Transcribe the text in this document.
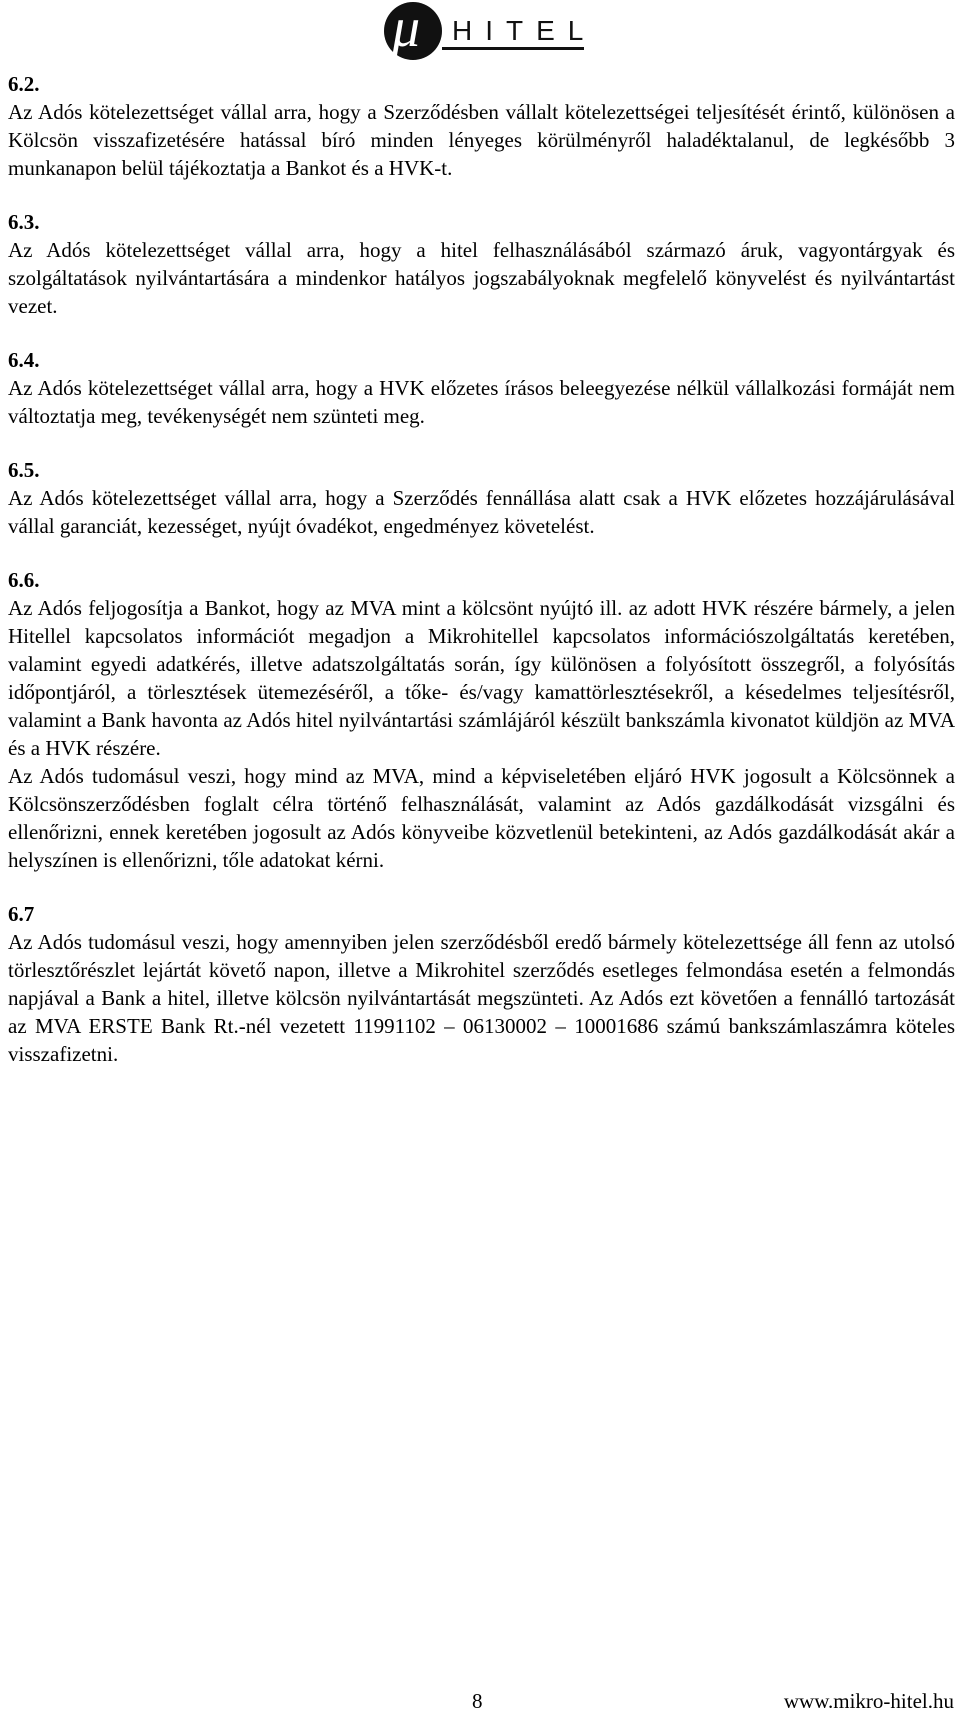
μ HITEL

6.2.

Az Adós kötelezettséget vállal arra, hogy a Szerződésben vállalt kötelezettségei teljesítését érintő, különösen a Kölcsön visszafizetésére hatással bíró minden lényeges körülményről haladéktalanul, de legkésőbb 3 munkanapon belül tájékoztatja a Bankot és a HVK-t.

6.3.

Az Adós kötelezettséget vállal arra, hogy a hitel felhasználásából származó áruk, vagyontárgyak és szolgáltatások nyilvántartására a mindenkor hatályos jogszabályoknak megfelelő könyvelést és nyilvántartást vezet.

6.4.

Az Adós kötelezettséget vállal arra, hogy a HVK előzetes írásos beleegyezése nélkül vállalkozási formáját nem változtatja meg, tevékenységét nem szünteti meg.

6.5.

Az Adós kötelezettséget vállal arra, hogy a Szerződés fennállása alatt csak a HVK előzetes hozzájárulásával vállal garanciát, kezességet, nyújt óvadékot, engedményez követelést.

6.6.

Az Adós feljogosítja a Bankot, hogy az MVA mint a kölcsönt nyújtó ill. az adott HVK részére bármely, a jelen Hitellel kapcsolatos információt megadjon a Mikrohitellel kapcsolatos információszolgáltatás keretében, valamint egyedi adatkérés, illetve adatszolgáltatás során, így különösen a folyósított összegről, a folyósítás időpontjáról, a törlesztések ütemezéséről, a tőke- és/vagy kamattörlesztésekről, a késedelmes teljesítésről, valamint a Bank havonta az Adós hitel nyilvántartási számlájáról készült bankszámla kivonatot küldjön az MVA és a HVK részére.

Az Adós tudomásul veszi, hogy mind az MVA, mind a képviseletében eljáró HVK jogosult a Kölcsönnek a Kölcsönszerződésben foglalt célra történő felhasználását, valamint az Adós gazdálkodását vizsgálni és ellenőrizni, ennek keretében jogosult az Adós könyveibe közvetlenül betekinteni, az Adós gazdálkodását akár a helyszínen is ellenőrizni, tőle adatokat kérni.

6.7

Az Adós tudomásul veszi, hogy amennyiben jelen szerződésből eredő bármely kötelezettsége áll fenn az utolsó törlesztőrészlet lejártát követő napon, illetve a Mikrohitel szerződés esetleges felmondása esetén a felmondás napjával a Bank a hitel, illetve kölcsön nyilvántartását megszünteti. Az Adós ezt követően a fennálló tartozását az MVA ERSTE Bank Rt.-nél vezetett 11991102 – 06130002 – 10001686 számú bankszámlaszámra köteles visszafizetni.

8	www.mikro-hitel.hu
